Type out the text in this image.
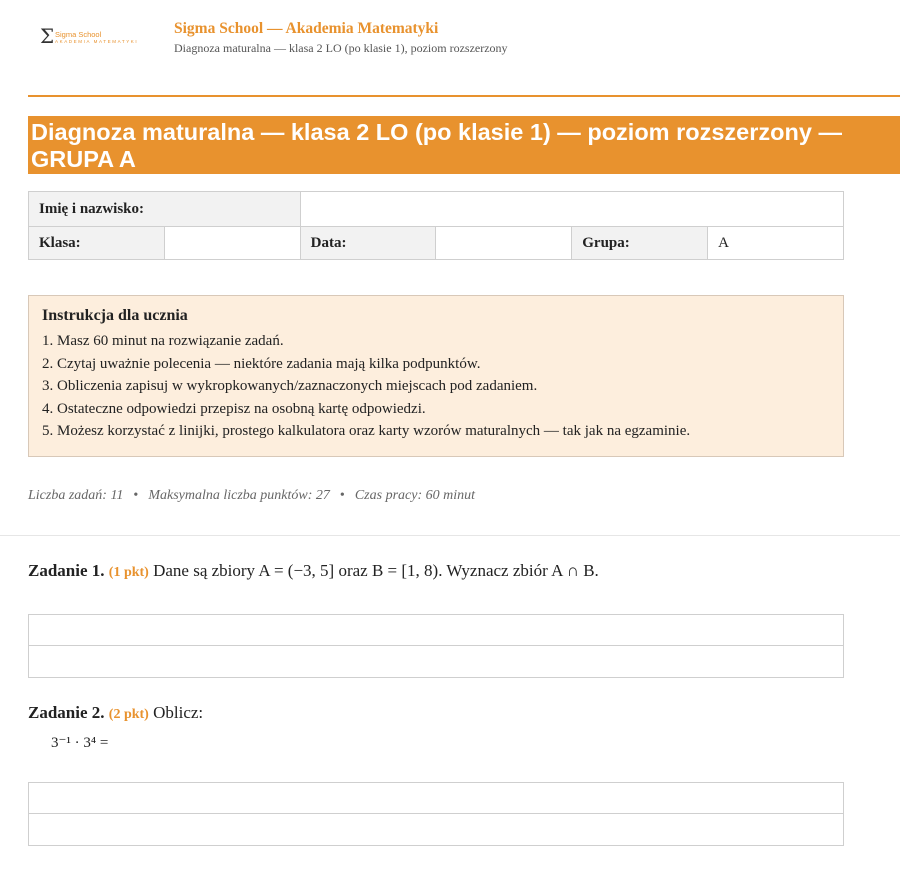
Σ Sigma School
AKADEMIA MATEMATYKI
Sigma School — Akademia Matematyki
Diagnoza maturalna — klasa 2 LO (po klasie 1), poziom rozszerzony
Diagnoza maturalna — klasa 2 LO (po klasie 1) — poziom rozszerzony — GRUPA A
Imię i nazwisko:					
Klasa:		Data:		Grupa:	A
Instrukcja dla ucznia
1. Masz 60 minut na rozwiązanie zadań.
2. Czytaj uważnie polecenia — niektóre zadania mają kilka podpunktów.
3. Obliczenia zapisuj w wykropkowanych/zaznaczonych miejscach pod zadaniem.
4. Ostateczne odpowiedzi przepisz na osobną kartę odpowiedzi.
5. Możesz korzystać z linijki, prostego kalkulatora oraz karty wzorów maturalnych — tak jak na egzaminie.
Liczba zadań: 11 • Maksymalna liczba punktów: 27 • Czas pracy: 60 minut
Zadanie 1. (1 pkt) Dane są zbiory A = (−3, 5] oraz B = [1, 8). Wyznacz zbiór A ∩ B.
Zadanie 2. (2 pkt) Oblicz:
3⁻¹ · 3⁴ =
